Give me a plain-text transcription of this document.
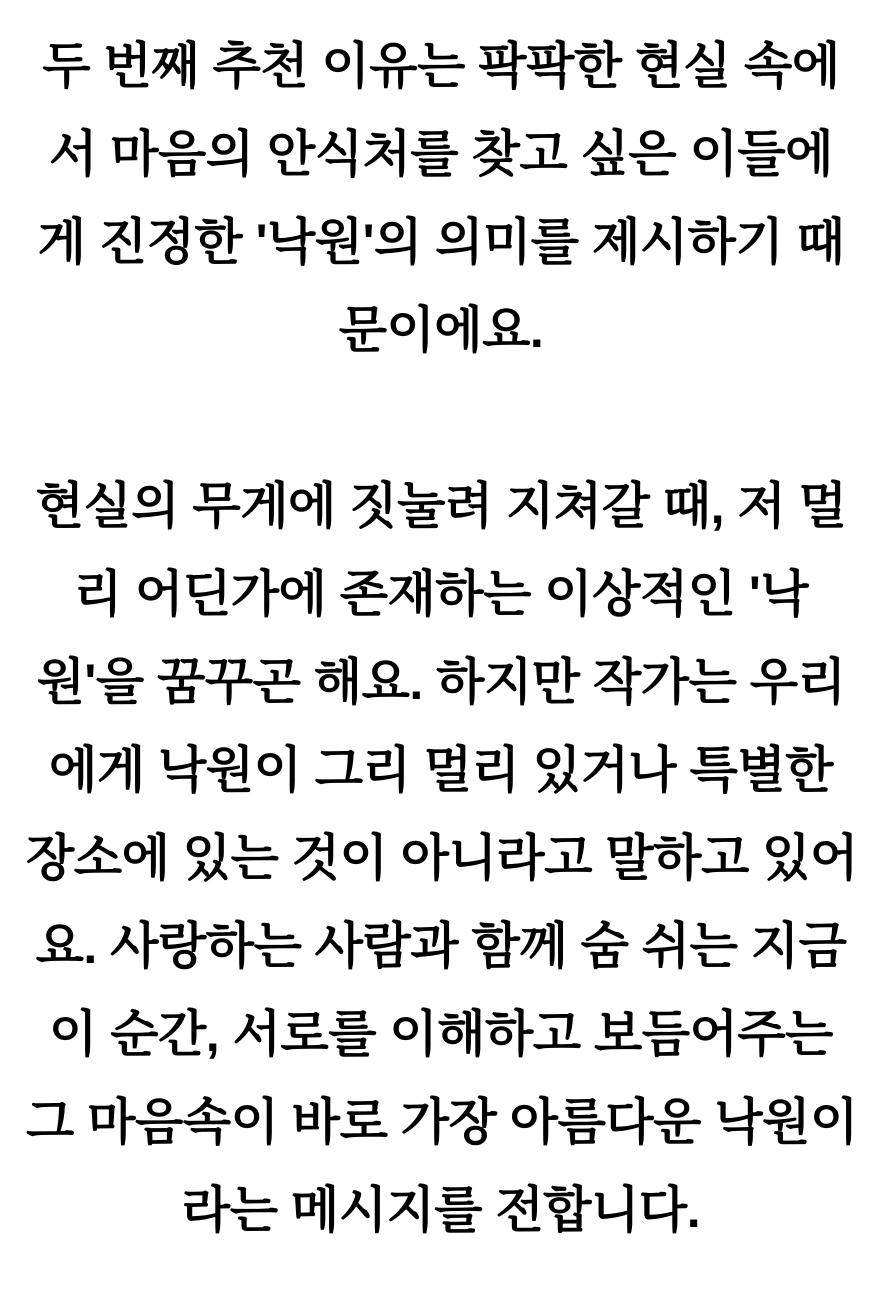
두 번째 추천 이유는 팍팍한 현실 속에
서 마음의 안식처를 찾고 싶은 이들에
게 진정한 '낙원'의 의미를 제시하기 때
문이에요.
현실의 무게에 짓눌려 지쳐갈 때, 저 멀
리 어딘가에 존재하는 이상적인 '낙
원'을 꿈꾸곤 해요. 하지만 작가는 우리
에게 낙원이 그리 멀리 있거나 특별한
장소에 있는 것이 아니라고 말하고 있어
요. 사랑하는 사람과 함께 숨 쉬는 지금
이 순간, 서로를 이해하고 보듬어주는
그 마음속이 바로 가장 아름다운 낙원이
라는 메시지를 전합니다.
